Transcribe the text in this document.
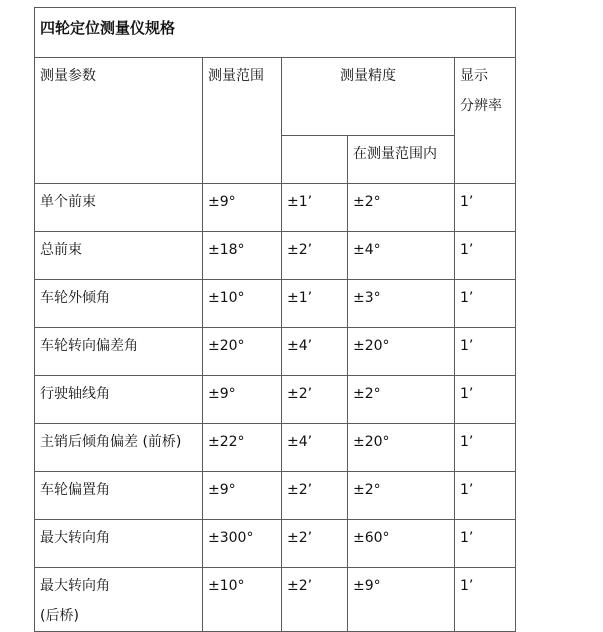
四轮定位测量仪规格				
测量参数	测量范围	测量精度		显示
分辨率

			在测量范围内	
单个前束	±9°	±1’	±2°	1’
总前束	±18°	±2’	±4°	1’
车轮外倾角	±10°	±1’	±3°	1’
车轮转向偏差角	±20°	±4’	±20°	1’
行驶轴线角	±9°	±2’	±2°	1’
主销后倾角偏差 (前桥)	±22°	±4’	±20°	1’
车轮偏置角	±9°	±2’	±2°	1’
最大转向角	±300°	±2’	±60°	1’

最大转向角
(后桥)	±10°	±2’	±9°	1’
